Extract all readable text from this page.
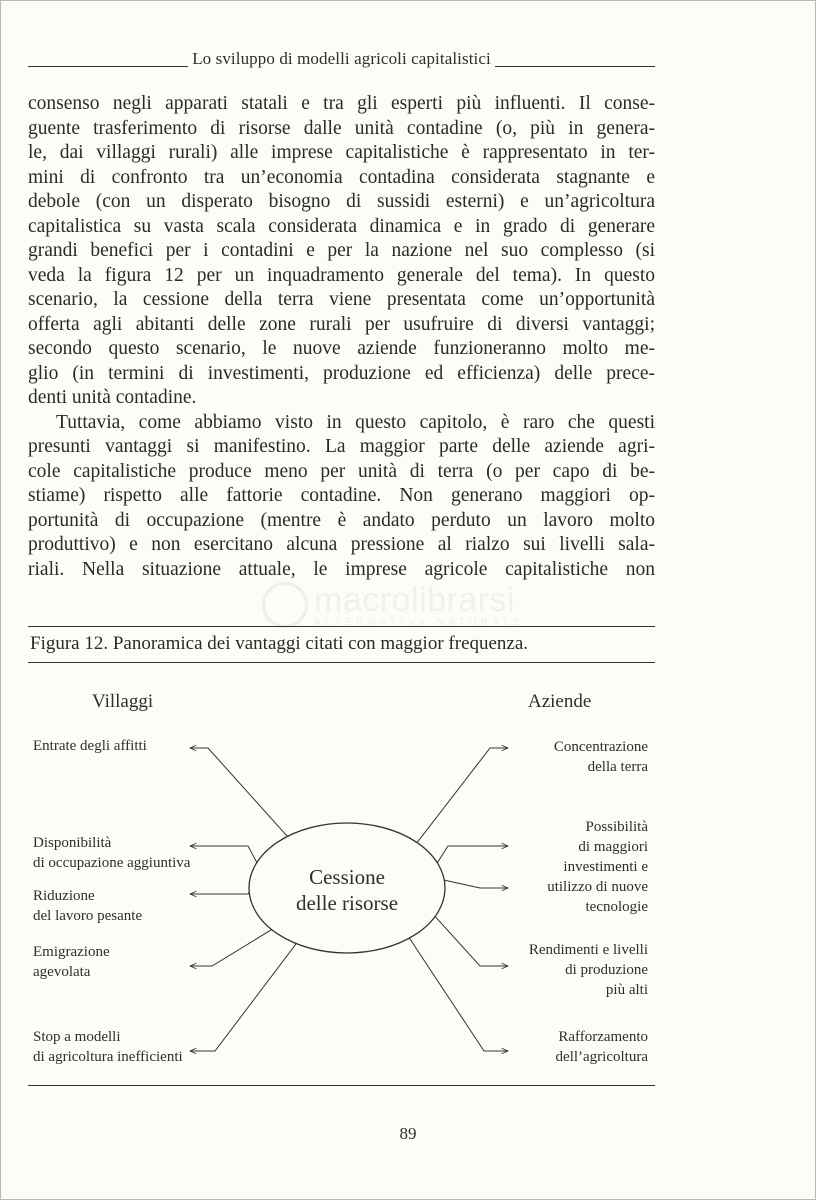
Lo sviluppo di modelli agricoli capitalistici
consenso negli apparati statali e tra gli esperti più influenti. Il conse-
guente trasferimento di risorse dalle unità contadine (o, più in genera-
le, dai villaggi rurali) alle imprese capitalistiche è rappresentato in ter-
mini di confronto tra un’economia contadina considerata stagnante e
debole (con un disperato bisogno di sussidi esterni) e un’agricoltura
capitalistica su vasta scala considerata dinamica e in grado di generare
grandi benefici per i contadini e per la nazione nel suo complesso (si
veda la figura 12 per un inquadramento generale del tema). In questo
scenario, la cessione della terra viene presentata come un’opportunità
offerta agli abitanti delle zone rurali per usufruire di diversi vantaggi;
secondo questo scenario, le nuove aziende funzioneranno molto me-
glio (in termini di investimenti, produzione ed efficienza) delle prece-
denti unità contadine.
Tuttavia, come abbiamo visto in questo capitolo, è raro che questi
presunti vantaggi si manifestino. La maggior parte delle aziende agri-
cole capitalistiche produce meno per unità di terra (o per capo di be-
stiame) rispetto alle fattorie contadine. Non generano maggiori op-
portunità di occupazione (mentre è andato perduto un lavoro molto
produttivo) e non esercitano alcuna pressione al rialzo sui livelli sala-
riali. Nella situazione attuale, le imprese agricole capitalistiche non
macrolibrarsi
ALTERNATIVA NATURALE
Figura 12. Panoramica dei vantaggi citati con maggior frequenza.
Villaggi	Aziende
Cessione
delle risorse
Entrate degli affitti
Disponibilità
di occupazione aggiuntiva
Riduzione
del lavoro pesante
Emigrazione
agevolata
Stop a modelli
di agricoltura inefficienti
Concentrazione
della terra
Possibilità
di maggiori
investimenti e
utilizzo di nuove
tecnologie
Rendimenti e livelli
di produzione
più alti
Rafforzamento
dell’agricoltura
89
